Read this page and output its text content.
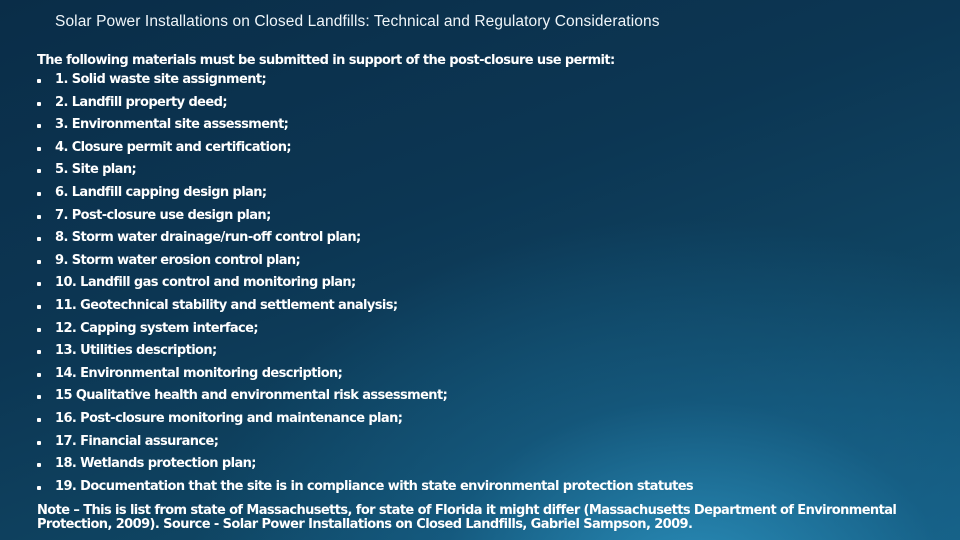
Solar Power Installations on Closed Landfills: Technical and Regulatory Considerations
The following materials must be submitted in support of the post-closure use permit:
1. Solid waste site assignment;
2. Landfill property deed;
3. Environmental site assessment;
4. Closure permit and certification;
5. Site plan;
6. Landfill capping design plan;
7. Post-closure use design plan;
8. Storm water drainage/run-off control plan;
9. Storm water erosion control plan;
10. Landfill gas control and monitoring plan;
11. Geotechnical stability and settlement analysis;
12. Capping system interface;
13. Utilities description;
14. Environmental monitoring description;
15 Qualitative health and environmental risk assessment;
16. Post-closure monitoring and maintenance plan;
17. Financial assurance;
18. Wetlands protection plan;
19. Documentation that the site is in compliance with state environmental protection statutes
Note – This is list from state of Massachusetts, for state of Florida it might differ (Massachusetts Department of Environmental Protection, 2009). Source - Solar Power Installations on Closed Landfills, Gabriel Sampson, 2009.
